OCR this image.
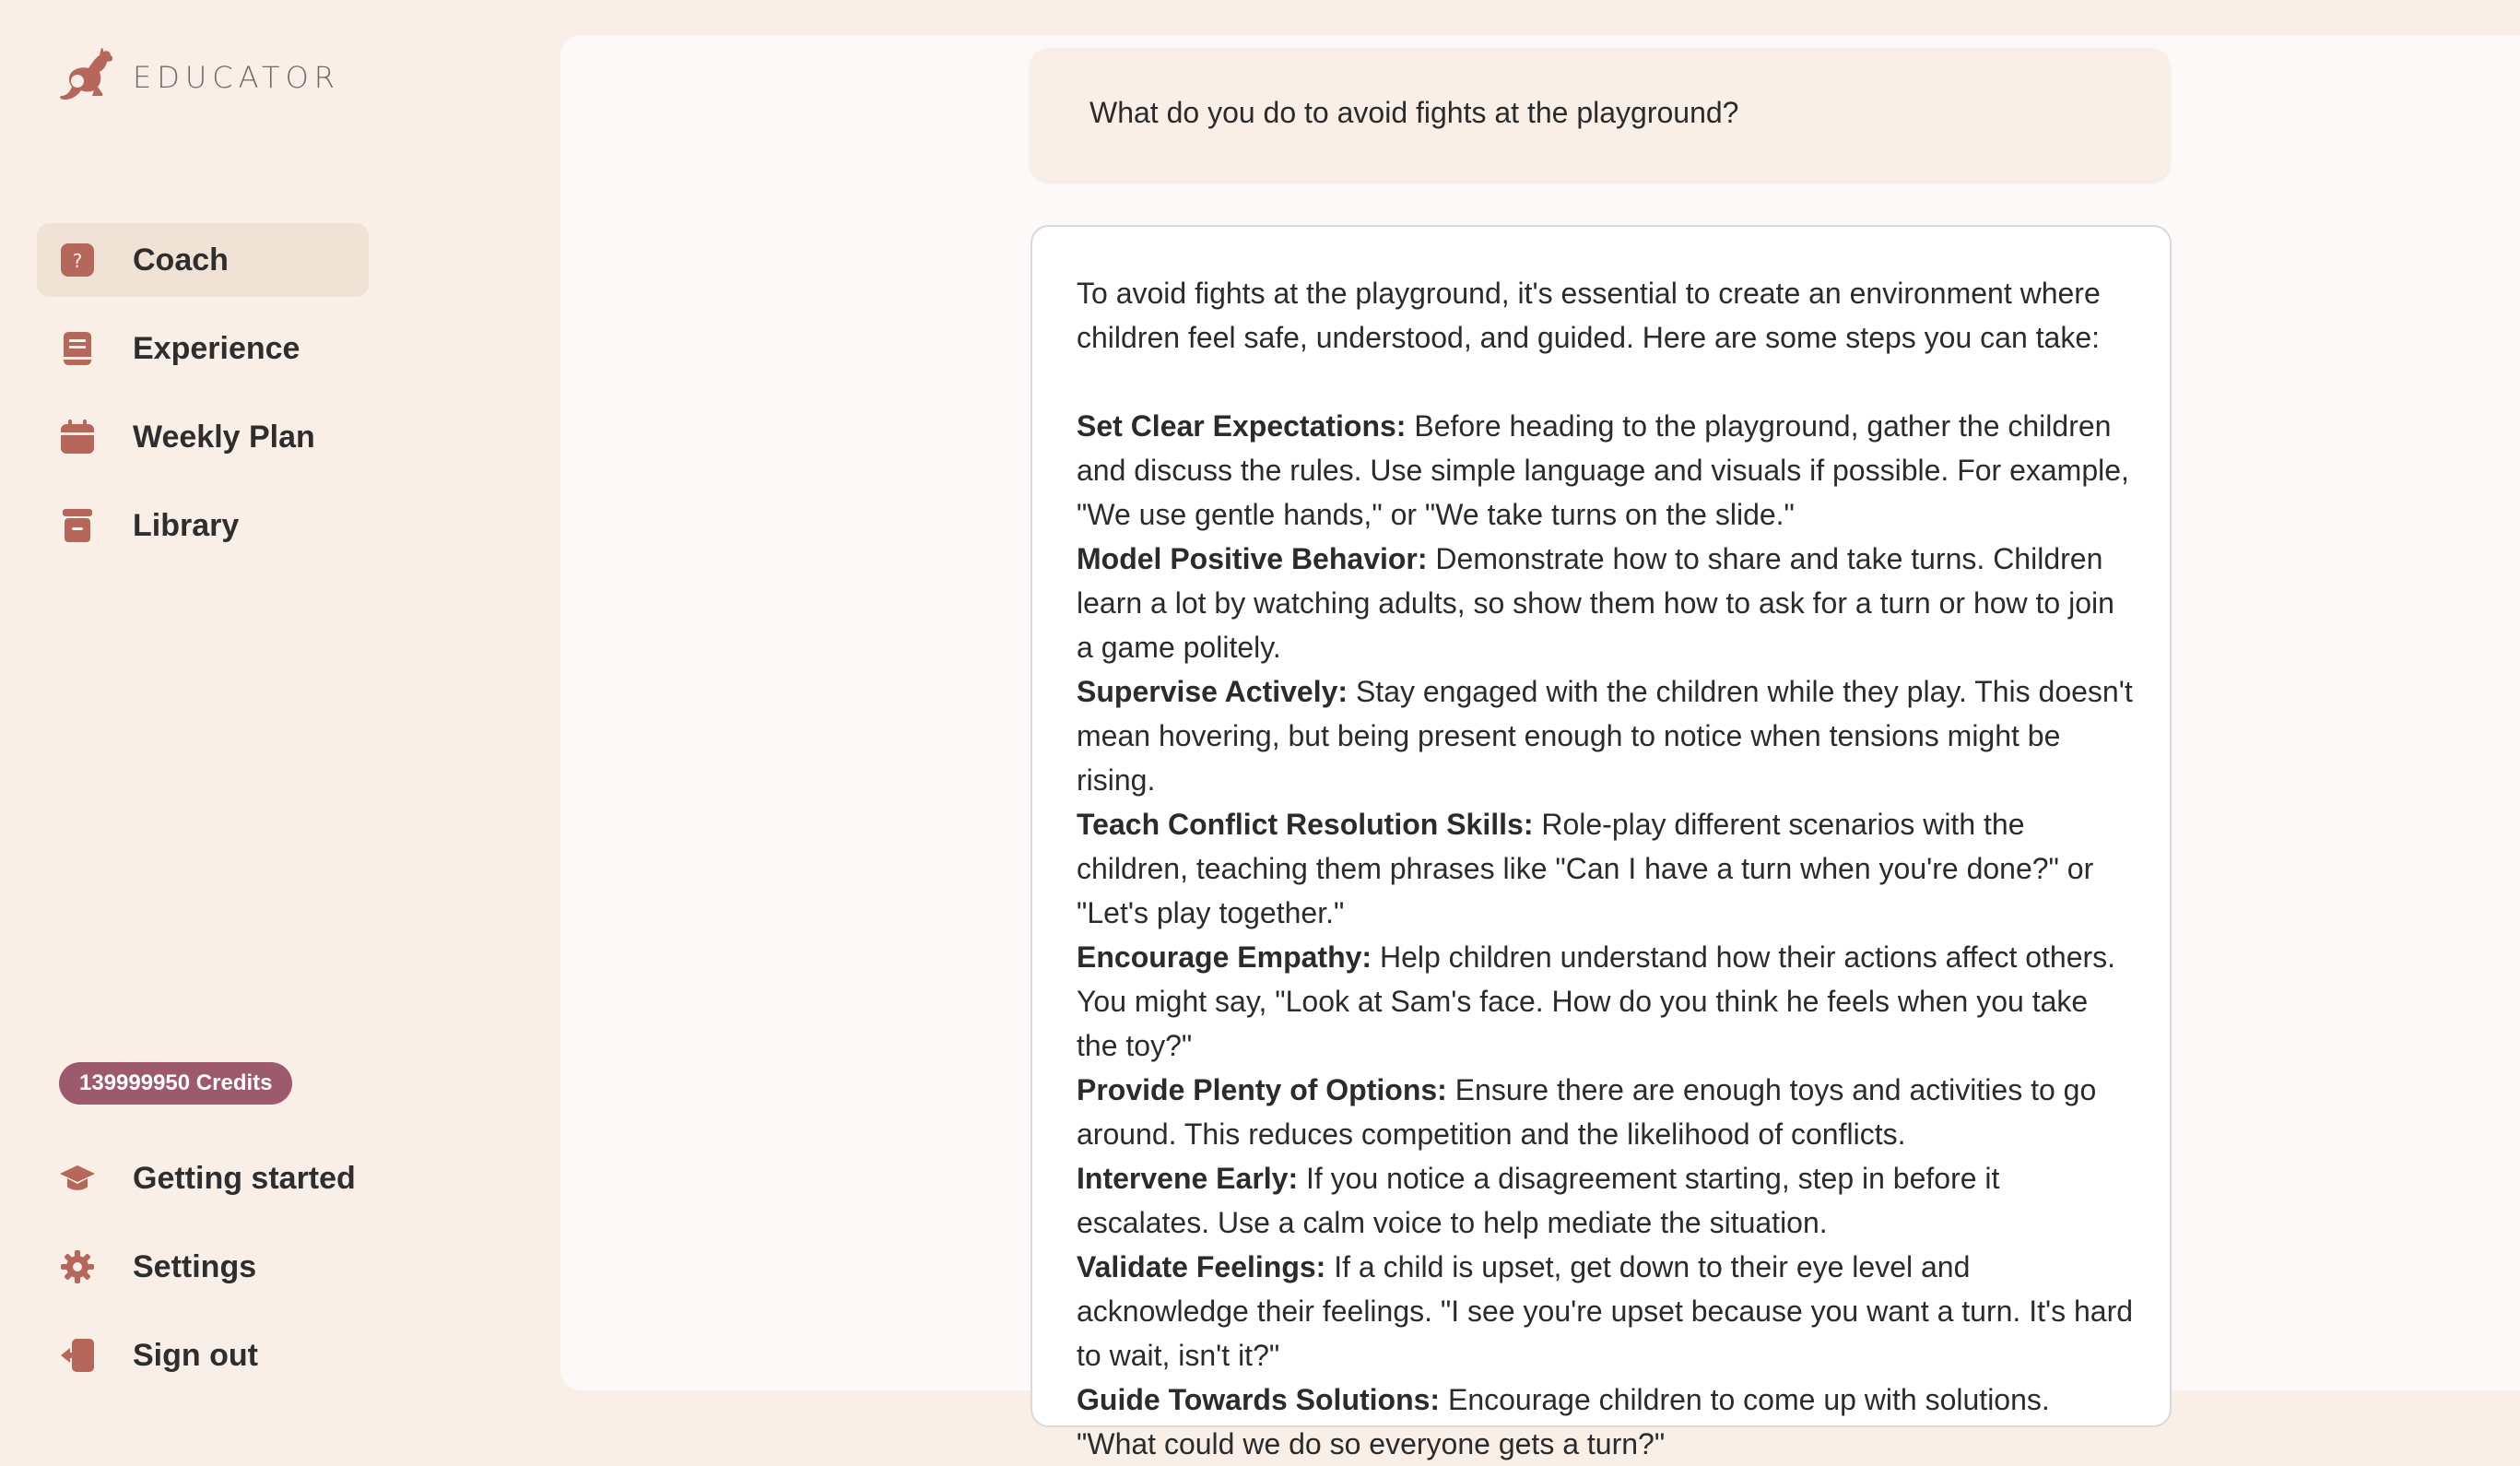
EDUCATOR
? Coach
Experience
Weekly Plan
Library
139999950 Credits
Getting started
Settings
Sign out
What do you do to avoid fights at the playground?

To avoid fights at the playground, it's essential to create an environment where children feel safe, understood, and guided. Here are some steps you can take:

Set Clear Expectations: Before heading to the playground, gather the children and discuss the rules. Use simple language and visuals if possible. For example, "We use gentle hands," or "We take turns on the slide."

Model Positive Behavior: Demonstrate how to share and take turns. Children learn a lot by watching adults, so show them how to ask for a turn or how to join a game politely.

Supervise Actively: Stay engaged with the children while they play. This doesn't mean hovering, but being present enough to notice when tensions might be rising.

Teach Conflict Resolution Skills: Role-play different scenarios with the children, teaching them phrases like "Can I have a turn when you're done?" or "Let's play together."

Encourage Empathy: Help children understand how their actions affect others. You might say, "Look at Sam's face. How do you think he feels when you take the toy?"

Provide Plenty of Options: Ensure there are enough toys and activities to go around. This reduces competition and the likelihood of conflicts.

Intervene Early: If you notice a disagreement starting, step in before it escalates. Use a calm voice to help mediate the situation.

Validate Feelings: If a child is upset, get down to their eye level and acknowledge their feelings. "I see you're upset because you want a turn. It's hard to wait, isn't it?"

Guide Towards Solutions: Encourage children to come up with solutions. "What could we do so everyone gets a turn?"
